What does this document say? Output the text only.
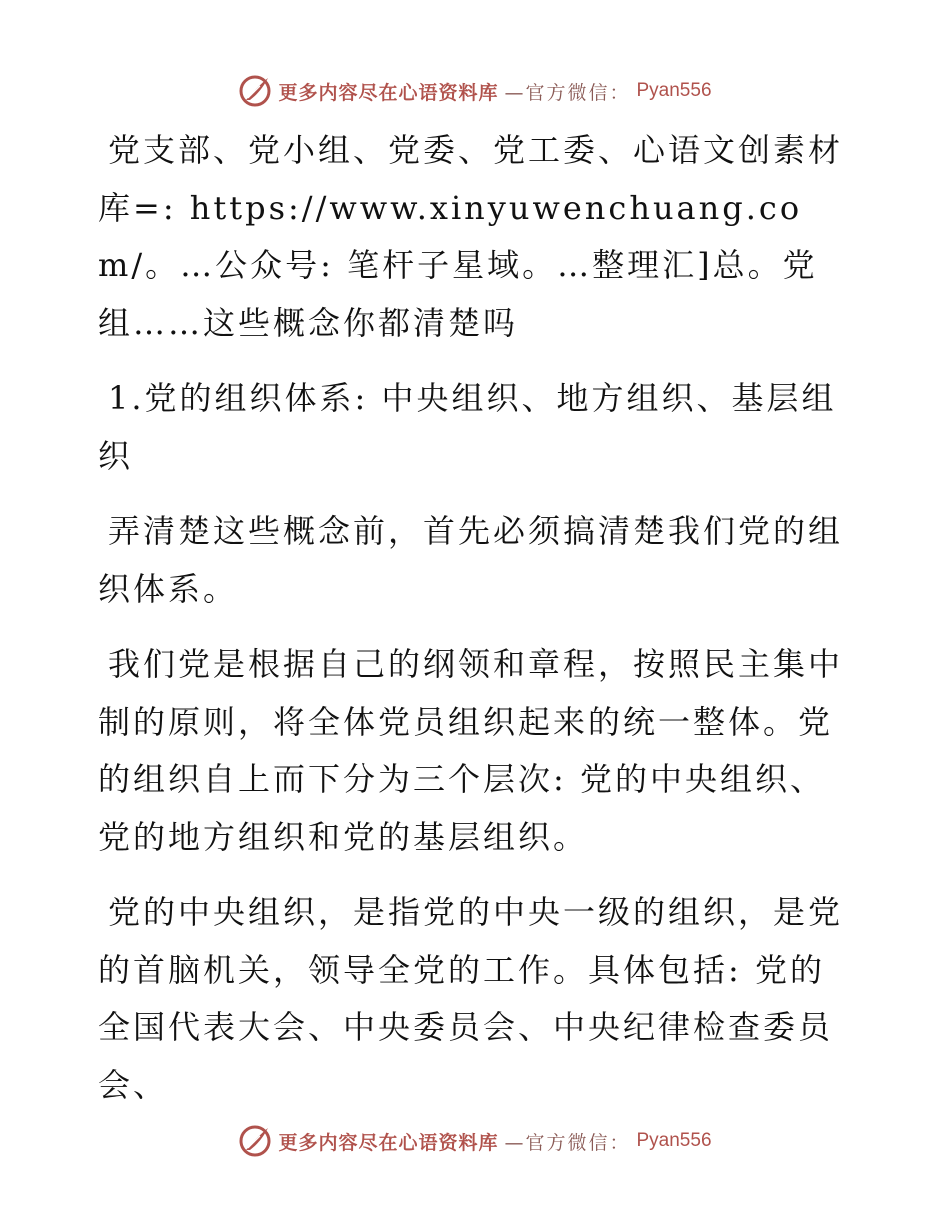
更多内容尽在心语资料库 —官方微信： Pyan556

党支部、党小组、党委、党工委、心语文创素材库=: https://www.xinyuwenchuang.com/。…公众号: 笔杆子星域。…整理汇]总。党组……这些概念你都清楚吗

1.党的组织体系: 中央组织、地方组织、基层组织

弄清楚这些概念前，首先必须搞清楚我们党的组织体系。

我们党是根据自己的纲领和章程，按照民主集中制的原则，将全体党员组织起来的统一整体。党的组织自上而下分为三个层次: 党的中央组织、党的地方组织和党的基层组织。

党的中央组织，是指党的中央一级的组织，是党的首脑机关，领导全党的工作。具体包括: 党的全国代表大会、中央委员会、中央纪律检查委员会、

更多内容尽在心语资料库 —官方微信： Pyan556
